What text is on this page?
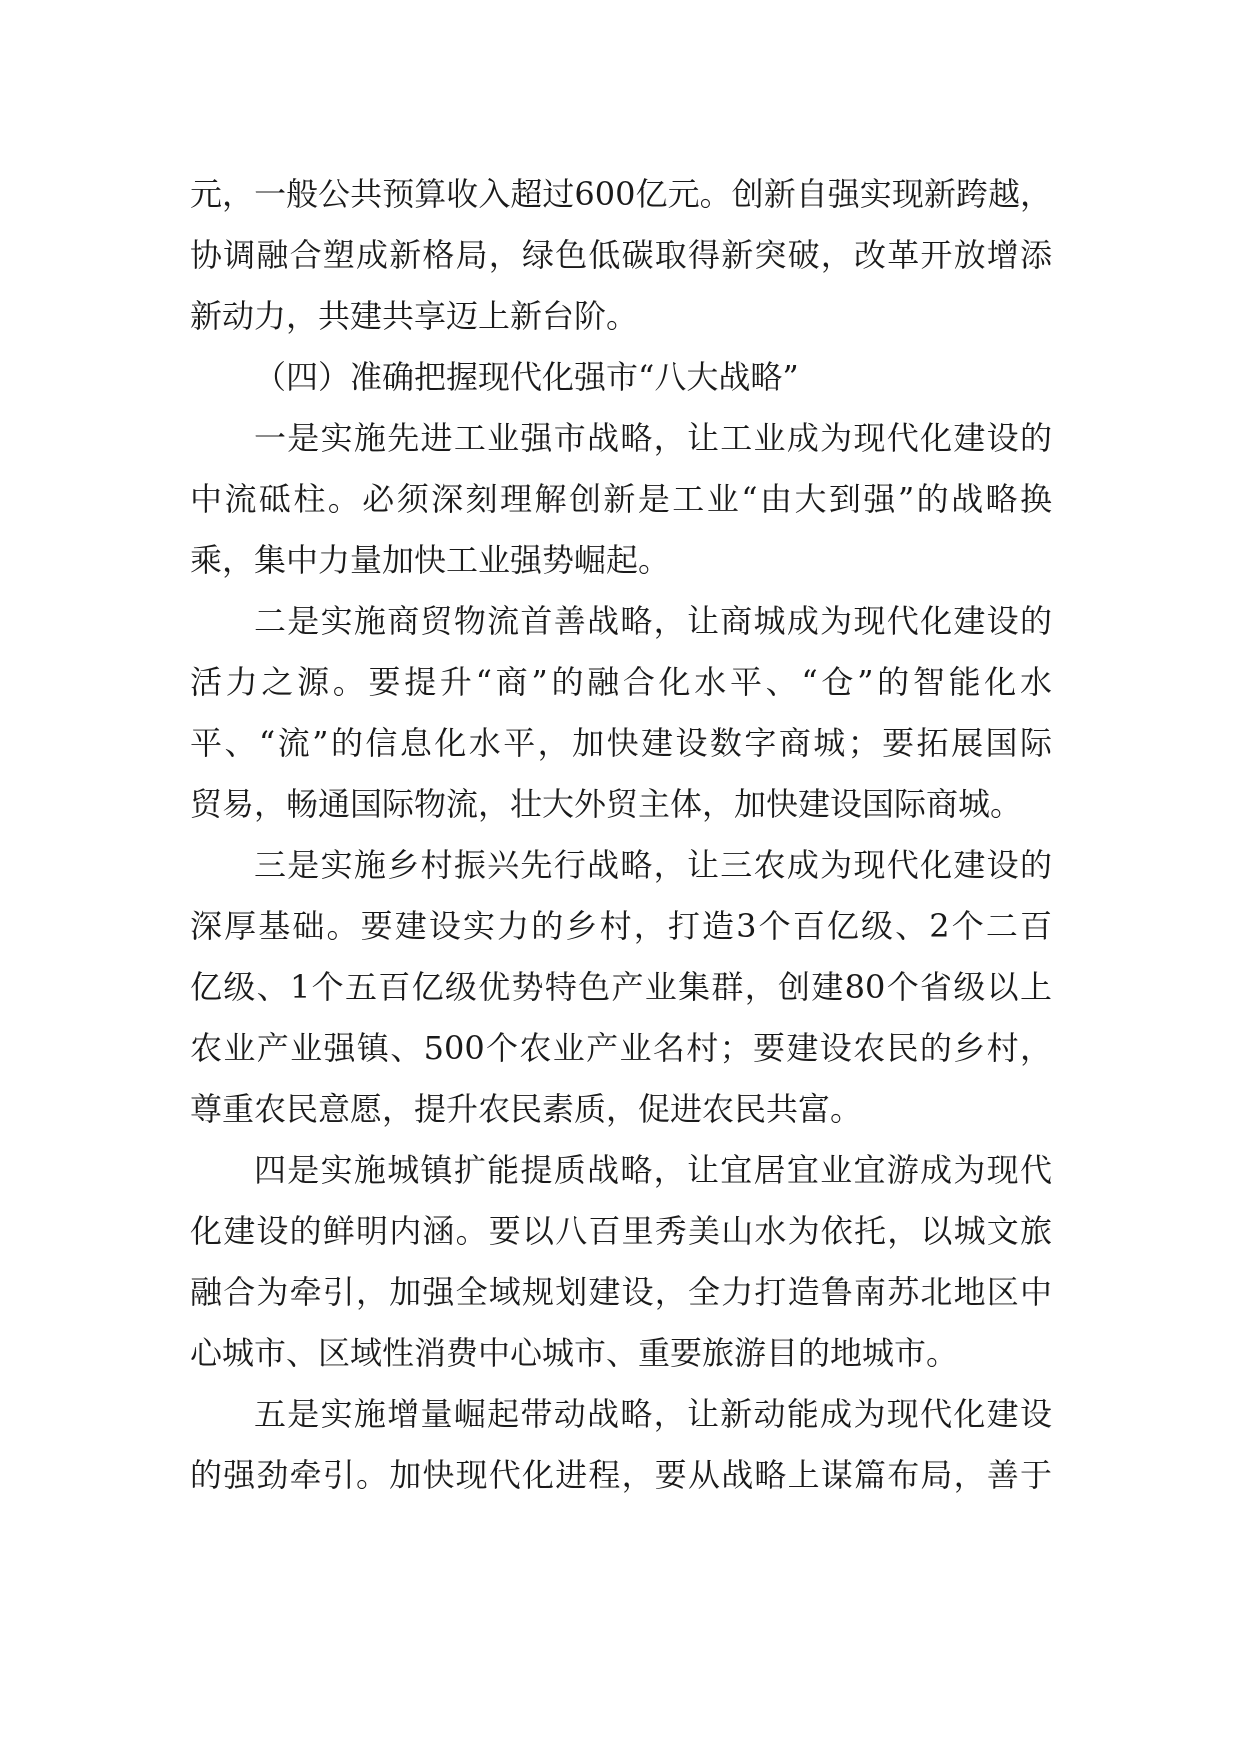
元，一般公共预算收入超过600亿元。创新自强实现新跨越，
协调融合塑成新格局，绿色低碳取得新突破，改革开放增添
新动力，共建共享迈上新台阶。
（四）准确把握现代化强市“八大战略”
一是实施先进工业强市战略，让工业成为现代化建设的
中流砥柱。必须深刻理解创新是工业“由大到强”的战略换
乘，集中力量加快工业强势崛起。
二是实施商贸物流首善战略，让商城成为现代化建设的
活力之源。要提升“商”的融合化水平、“仓”的智能化水
平、“流”的信息化水平，加快建设数字商城；要拓展国际
贸易，畅通国际物流，壮大外贸主体，加快建设国际商城。
三是实施乡村振兴先行战略，让三农成为现代化建设的
深厚基础。要建设实力的乡村，打造3个百亿级、2个二百
亿级、1个五百亿级优势特色产业集群，创建80个省级以上
农业产业强镇、500个农业产业名村；要建设农民的乡村，
尊重农民意愿，提升农民素质，促进农民共富。
四是实施城镇扩能提质战略，让宜居宜业宜游成为现代
化建设的鲜明内涵。要以八百里秀美山水为依托，以城文旅
融合为牵引，加强全域规划建设，全力打造鲁南苏北地区中
心城市、区域性消费中心城市、重要旅游目的地城市。
五是实施增量崛起带动战略，让新动能成为现代化建设
的强劲牵引。加快现代化进程，要从战略上谋篇布局，善于
